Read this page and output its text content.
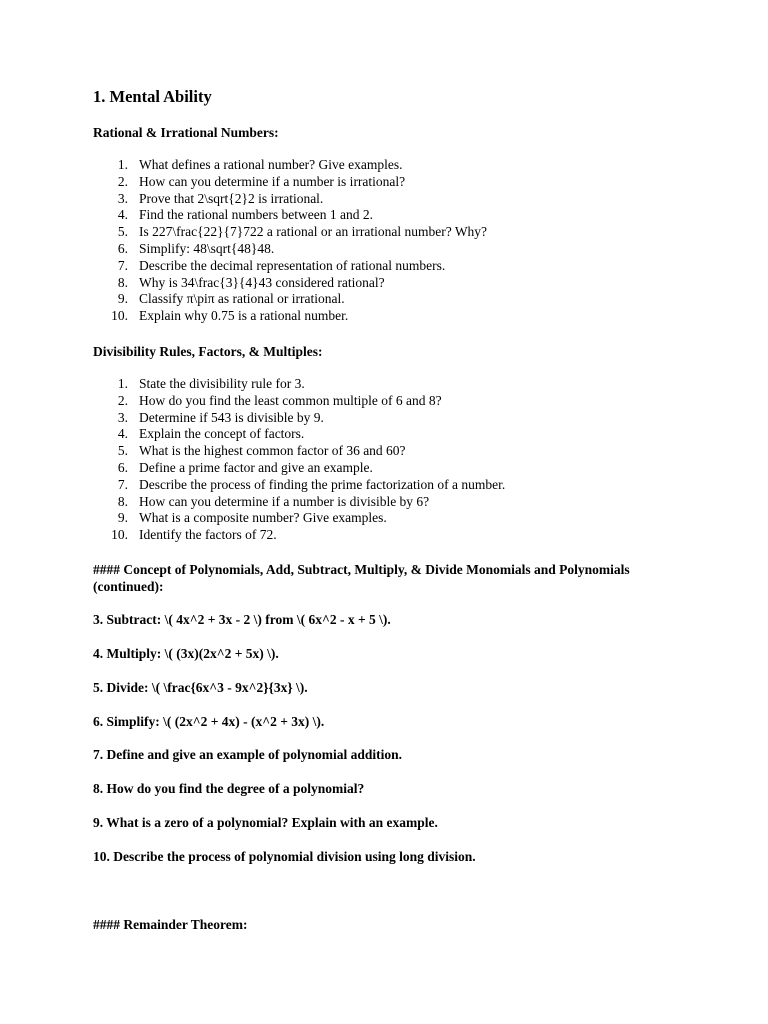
1. Mental Ability
Rational & Irrational Numbers:
1. What defines a rational number? Give examples.
2. How can you determine if a number is irrational?
3. Prove that 2\sqrt{2}2 is irrational.
4. Find the rational numbers between 1 and 2.
5. Is 227\frac{22}{7}722 a rational or an irrational number? Why?
6. Simplify: 48\sqrt{48}48.
7. Describe the decimal representation of rational numbers.
8. Why is 34\frac{3}{4}43 considered rational?
9. Classify π\piπ as rational or irrational.
10. Explain why 0.75 is a rational number.
Divisibility Rules, Factors, & Multiples:
1. State the divisibility rule for 3.
2. How do you find the least common multiple of 6 and 8?
3. Determine if 543 is divisible by 9.
4. Explain the concept of factors.
5. What is the highest common factor of 36 and 60?
6. Define a prime factor and give an example.
7. Describe the process of finding the prime factorization of a number.
8. How can you determine if a number is divisible by 6?
9. What is a composite number? Give examples.
10. Identify the factors of 72.

#### Concept of Polynomials, Add, Subtract, Multiply, & Divide Monomials and Polynomials (continued):

3. Subtract: \( 4x^2 + 3x - 2 \) from \( 6x^2 - x + 5 \).

4. Multiply: \( (3x)(2x^2 + 5x) \).

5. Divide: \( \frac{6x^3 - 9x^2}{3x} \).

6. Simplify: \( (2x^2 + 4x) - (x^2 + 3x) \).

7. Define and give an example of polynomial addition.

8. How do you find the degree of a polynomial?

9. What is a zero of a polynomial? Explain with an example.

10. Describe the process of polynomial division using long division.

#### Remainder Theorem:
